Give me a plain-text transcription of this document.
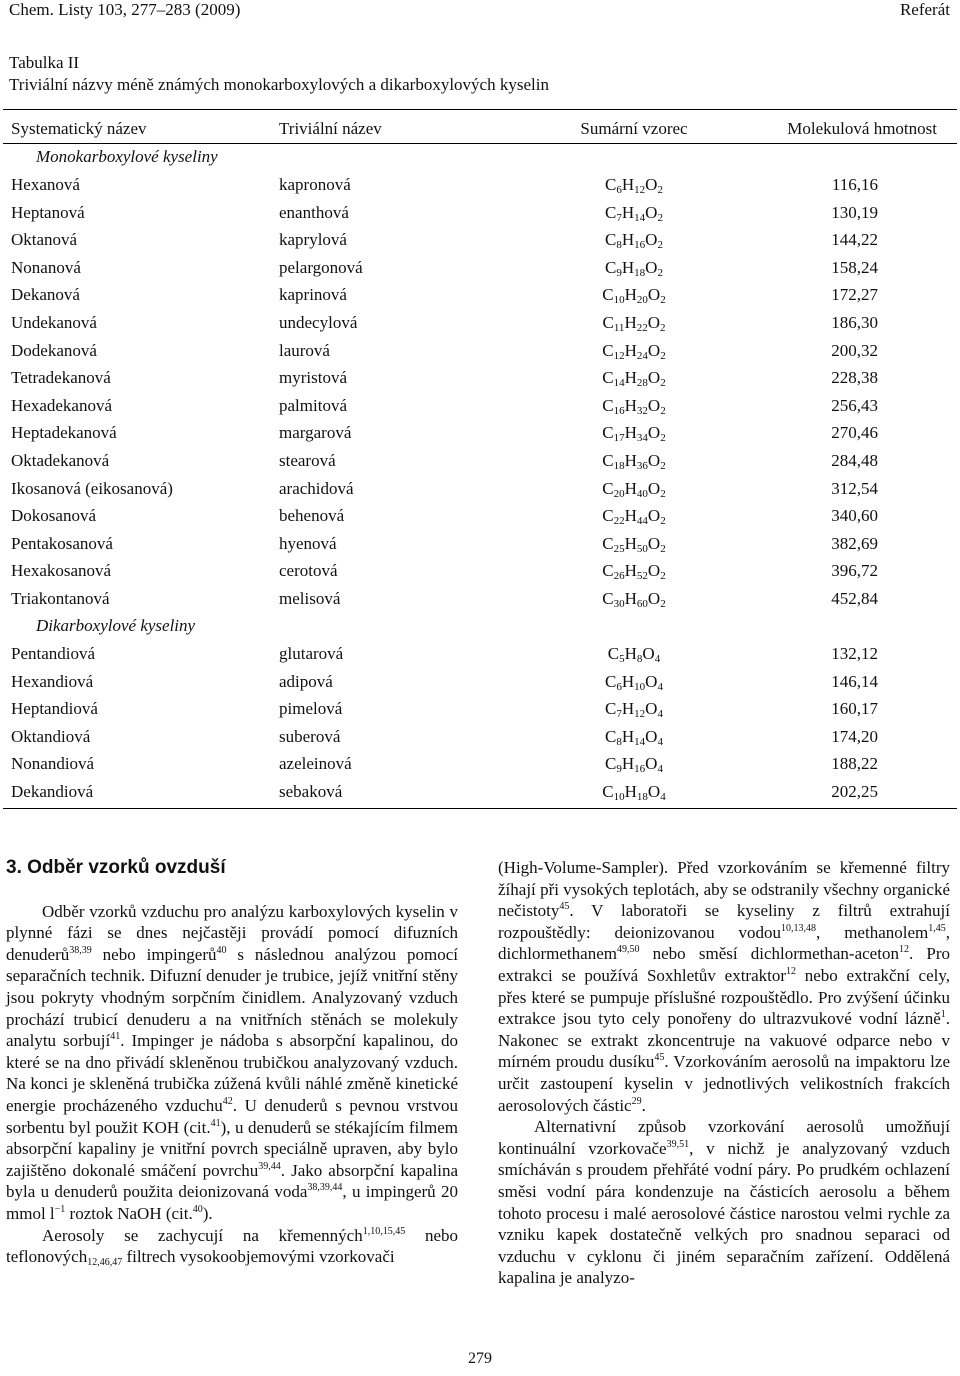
Chem. Listy 103, 277–283 (2009)	Referát
Tabulka II
Triviální názvy méně známých monokarboxylových a dikarboxylových kyselin
Systematický název	Triviální název	Sumární vzorec	Molekulová hmotnost
Monokarboxylové kyseliny
Hexanová	kapronová	C6H12O2	116,16
Heptanová	enanthová	C7H14O2	130,19
Oktanová	kaprylová	C8H16O2	144,22
Nonanová	pelargonová	C9H18O2	158,24
Dekanová	kaprinová	C10H20O2	172,27
Undekanová	undecylová	C11H22O2	186,30
Dodekanová	laurová	C12H24O2	200,32
Tetradekanová	myristová	C14H28O2	228,38
Hexadekanová	palmitová	C16H32O2	256,43
Heptadekanová	margarová	C17H34O2	270,46
Oktadekanová	stearová	C18H36O2	284,48
Ikosanová (eikosanová)	arachidová	C20H40O2	312,54
Dokosanová	behenová	C22H44O2	340,60
Pentakosanová	hyenová	C25H50O2	382,69
Hexakosanová	cerotová	C26H52O2	396,72
Triakontanová	melisová	C30H60O2	452,84
Dikarboxylové kyseliny
Pentandiová	glutarová	C5H8O4	132,12
Hexandiová	adipová	C6H10O4	146,14
Heptandiová	pimelová	C7H12O4	160,17
Oktandiová	suberová	C8H14O4	174,20
Nonandiová	azeleinová	C9H16O4	188,22
Dekandiová	sebaková	C10H18O4	202,25
3. Odběr vzorků ovzduší

Odběr vzorků vzduchu pro analýzu karboxylových kyselin v plynné fázi se dnes nejčastěji provádí pomocí difuzních denuderů$^{38,39}$ nebo impingerů$^{40}$ s následnou analýzou pomocí separačních technik. Difuzní denuder je trubice, jejíž vnitřní stěny jsou pokryty vhodným sorpčním činidlem. Analyzovaný vzduch prochází trubicí denuderu a na vnitřních stěnách se molekuly analytu sorbují$^{41}$. Impinger je nádoba s absorpční kapalinou, do které se na dno přivádí skleněnou trubičkou analyzovaný vzduch. Na konci je skleněná trubička zúžená kvůli náhlé změně kinetické energie procházeného vzduchu$^{42}$. U denuderů s pevnou vrstvou sorbentu byl použit KOH (cit.$^{41}$), u denuderů se stékajícím filmem absorpční kapaliny je vnitřní povrch speciálně upraven, aby bylo zajištěno dokonalé smáčení povrchu$^{39,44}$. Jako absorpční kapalina byla u denuderů použita deionizovaná voda$^{38,39,44}$, u impingerů 20 mmol $l^{-1}$ roztok NaOH (cit.$^{40}$).

Aerosoly se zachycují na křemenných$^{1,10,15,45}$ nebo teflonových$_{12,46,47}$ filtrech vysokoobjemovými vzorkovači

(High-Volume-Sampler). Před vzorkováním se křemenné filtry žíhají při vysokých teplotách, aby se odstranily všechny organické nečistoty$^{45}$. V laboratoři se kyseliny z filtrů extrahují rozpouštědly: deionizovanou vodou$^{10,13,48}$, methanolem$^{1,45}$, dichlormethanem$^{49,50}$ nebo směsí dichlormethan-aceton$^{12}$. Pro extrakci se používá Soxhletův extraktor$^{12}$ nebo extrakční cely, přes které se pumpuje příslušné rozpouštědlo. Pro zvýšení účinku extrakce jsou tyto cely ponořeny do ultrazvukové vodní lázně$^1$. Nakonec se extrakt zkoncentruje na vakuové odparce nebo v mírném proudu dusíku$^{45}$. Vzorkováním aerosolů na impaktoru lze určit zastoupení kyselin v jednotlivých velikostních frakcích aerosolových částic$^{29}$.

Alternativní způsob vzorkování aerosolů umožňují kontinuální vzorkovače$^{39,51}$, v nichž je analyzovaný vzduch smícháván s proudem přehřáté vodní páry. Po prudkém ochlazení směsi vodní pára kondenzuje na částicích aerosolu a během tohoto procesu i malé aerosolové částice narostou velmi rychle za vzniku kapek dostatečně velkých pro snadnou separaci od vzduchu v cyklonu či jiném separačním zařízení. Oddělená kapalina je analyzo-

279
